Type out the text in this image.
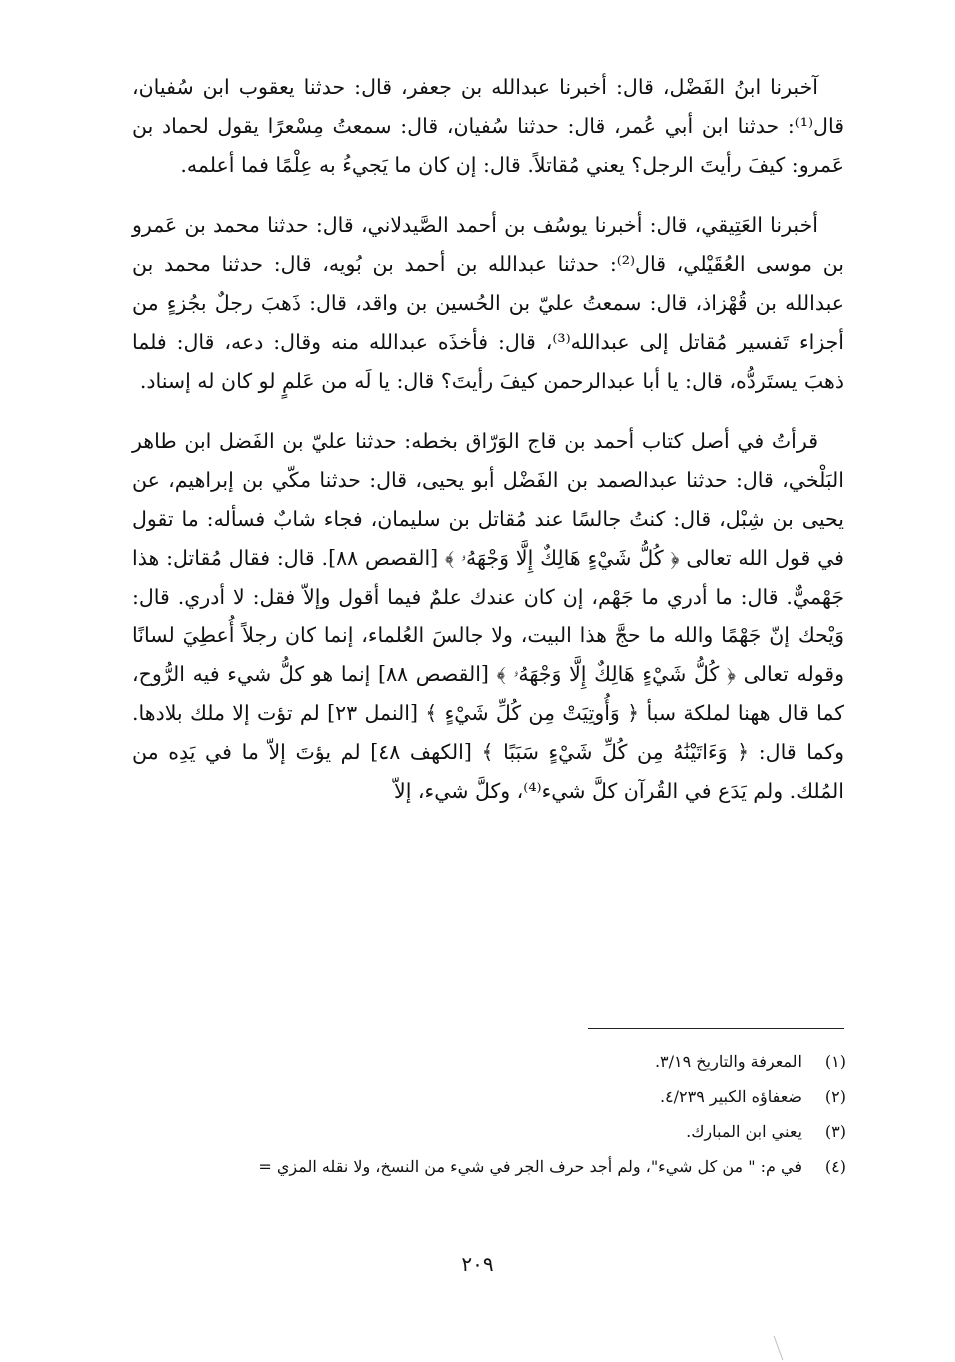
آخبرنا ابنُ الفَضْل، قال: أخبرنا عبدالله بن جعفر، قال: حدثنا يعقوب ابن سُفيان، قال⁽¹⁾: حدثنا ابن أبي عُمر، قال: حدثنا سُفيان، قال: سمعتُ مِسْعرًا يقول لحماد بن عَمرو: كيفَ رأيتَ الرجل؟ يعني مُقاتلاً. قال: إن كان ما يَجيءُ به عِلْمًا فما أعلمه.

أخبرنا العَتِيقي، قال: أخبرنا يوسُف بن أحمد الصَّيدلاني، قال: حدثنا محمد بن عَمرو بن موسى العُقَيْلي، قال⁽²⁾: حدثنا عبدالله بن أحمد بن بُويه، قال: حدثنا محمد بن عبدالله بن قُهْزاذ، قال: سمعتُ عليّ بن الحُسين بن واقد، قال: ذَهبَ رجلٌ بجُزءٍ من أجزاء تَفسير مُقاتل إلى عبدالله⁽³⁾، قال: فأخذَه عبدالله منه وقال: دعه، قال: فلما ذهبَ يستَردُّه، قال: يا أبا عبدالرحمن كيفَ رأيتَ؟ قال: يا لَه من عَلمٍ لو كان له إسناد.

قرأتُ في أصل كتاب أحمد بن قاج الوَرّاق بخطه: حدثنا عليّ بن الفَضل ابن طاهر البَلْخي، قال: حدثنا عبدالصمد بن الفَضْل أبو يحيى، قال: حدثنا مكّي بن إبراهيم، عن يحيى بن شِبْل، قال: كنتُ جالسًا عند مُقاتل بن سليمان، فجاء شابٌ فسأله: ما تقول في قول الله تعالى ﴿ كُلُّ شَيْءٍ هَالِكٌ إِلَّا وَجْهَهُۥ ﴾ [القصص ٨٨]. قال: فقال مُقاتل: هذا جَهْميٌّ. قال: ما أدري ما جَهْم، إن كان عندك علمٌ فيما أقول وإلاّ فقل: لا أدري. قال: وَيْحك إنّ جَهْمًا والله ما حجَّ هذا البيت، ولا جالسَ العُلماء، إنما كان رجلاً أُعطِيَ لسانًا وقوله تعالى ﴿ كُلُّ شَيْءٍ هَالِكٌ إِلَّا وَجْهَهُۥ ﴾ [القصص ٨٨] إنما هو كلُّ شيء فيه الرُّوح، كما قال ههنا لملكة سبأ ﴿ وَأُوتِيَتْ مِن كُلِّ شَيْءٍ ﴾ [النمل ٢٣] لم تؤت إلا ملك بلادها. وكما قال: ﴿ وَءَاتَيْنَٰهُ مِن كُلِّ شَيْءٍ سَبَبًا ﴾ [الكهف ٤٨] لم يؤتَ إلاّ ما في يَدِه من المُلك. ولم يَدَع في القُرآن كلَّ شيء⁽⁴⁾، وكلَّ شيء، إلاّ

(١)
المعرفة والتاريخ ٣/١٩.
(٢)
ضعفاؤه الكبير ٤/٢٣٩.
(٣)
يعني ابن المبارك.
(٤)
في م: " من كل شيء"، ولم أجد حرف الجر في شيء من النسخ، ولا نقله المزي =
٢٠٩
